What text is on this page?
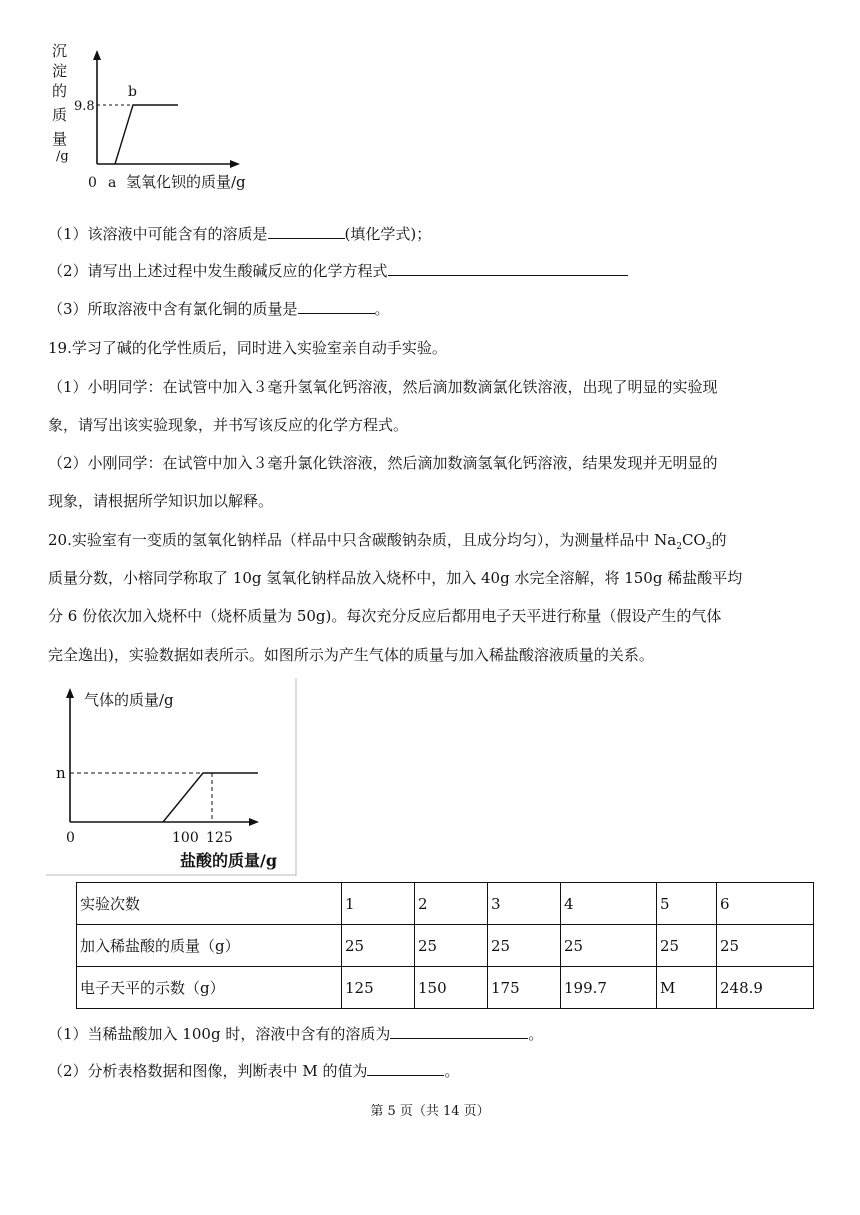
沉
淀
的
质
量
/g
9.8
b
0 a 氢氧化钡的质量/g
（1）该溶液中可能含有的溶质是	(填化学式)；
（2）请写出上述过程中发生酸碱反应的化学方程式
（3）所取溶液中含有氯化铜的质量是	。
19.学习了碱的化学性质后，同时进入实验室亲自动手实验。
（1）小明同学：在试管中加入３毫升氢氧化钙溶液，然后滴加数滴氯化铁溶液，出现了明显的实验现
象，请写出该实验现象，并书写该反应的化学方程式。
（2）小刚同学：在试管中加入３毫升氯化铁溶液，然后滴加数滴氢氧化钙溶液，结果发现并无明显的
现象，请根据所学知识加以解释。
20.实验室有一变质的氢氧化钠样品（样品中只含碳酸钠杂质，且成分均匀），为测量样品中 $Na_2CO_3$的
质量分数，小榕同学称取了 10g 氢氧化钠样品放入烧杯中，加入 40g 水完全溶解，将 150g 稀盐酸平均
分 6 份依次加入烧杯中（烧杯质量为 50g)。每次充分反应后都用电子天平进行称量（假设产生的气体
完全逸出)，实验数据如表所示。如图所示为产生气体的质量与加入稀盐酸溶液质量的关系。
气体的质量/g
n
0	100 125
盐酸的质量/g
实验次数	1	2	3	4	5	6
加入稀盐酸的质量（g）	25	25	25	25	25	25
电子天平的示数（g）	125	150	175	199.7	M	248.9
（1）当稀盐酸加入 100g 时，溶液中含有的溶质为	。
（2）分析表格数据和图像，判断表中 M 的值为	。
第 5 页（共 14 页）
